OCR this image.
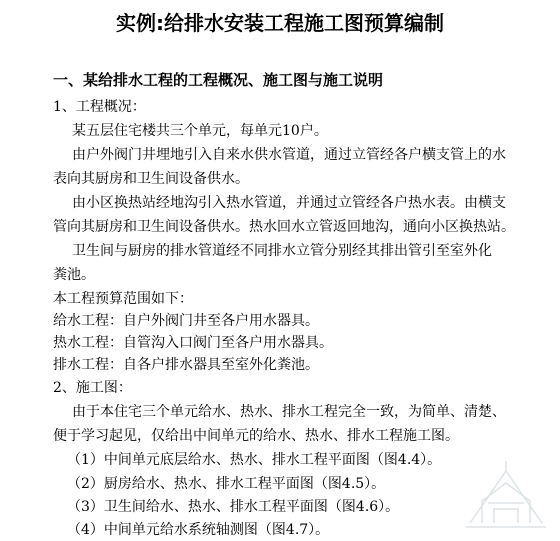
实例:给排水安装工程施工图预算编制
一、某给排水工程的工程概况、施工图与施工说明

1、工程概况：

某五层住宅楼共三个单元，每单元10户。

由户外阀门井埋地引入自来水供水管道，通过立管经各户横支管上的水

表向其厨房和卫生间设备供水。

由小区换热站经地沟引入热水管道，并通过立管经各户热水表。由横支

管向其厨房和卫生间设备供水。热水回水立管返回地沟，通向小区换热站。

卫生间与厨房的排水管道经不同排水立管分别经其排出管引至室外化

粪池。

本工程预算范围如下：

给水工程：自户外阀门井至各户用水器具。

热水工程：自管沟入口阀门至各户用水器具。

排水工程：自各户排水器具至室外化粪池。

2、施工图：

由于本住宅三个单元给水、热水、排水工程完全一致，为简单、清楚、

便于学习起见，仅给出中间单元的给水、热水、排水工程施工图。

（1）中间单元底层给水、热水、排水工程平面图（图4.4）。

（2）厨房给水、热水、排水工程平面图（图4.5）。

（3）卫生间给水、热水、排水工程平面图（图4.6）。

（4）中间单元给水系统轴测图（图4.7）。
